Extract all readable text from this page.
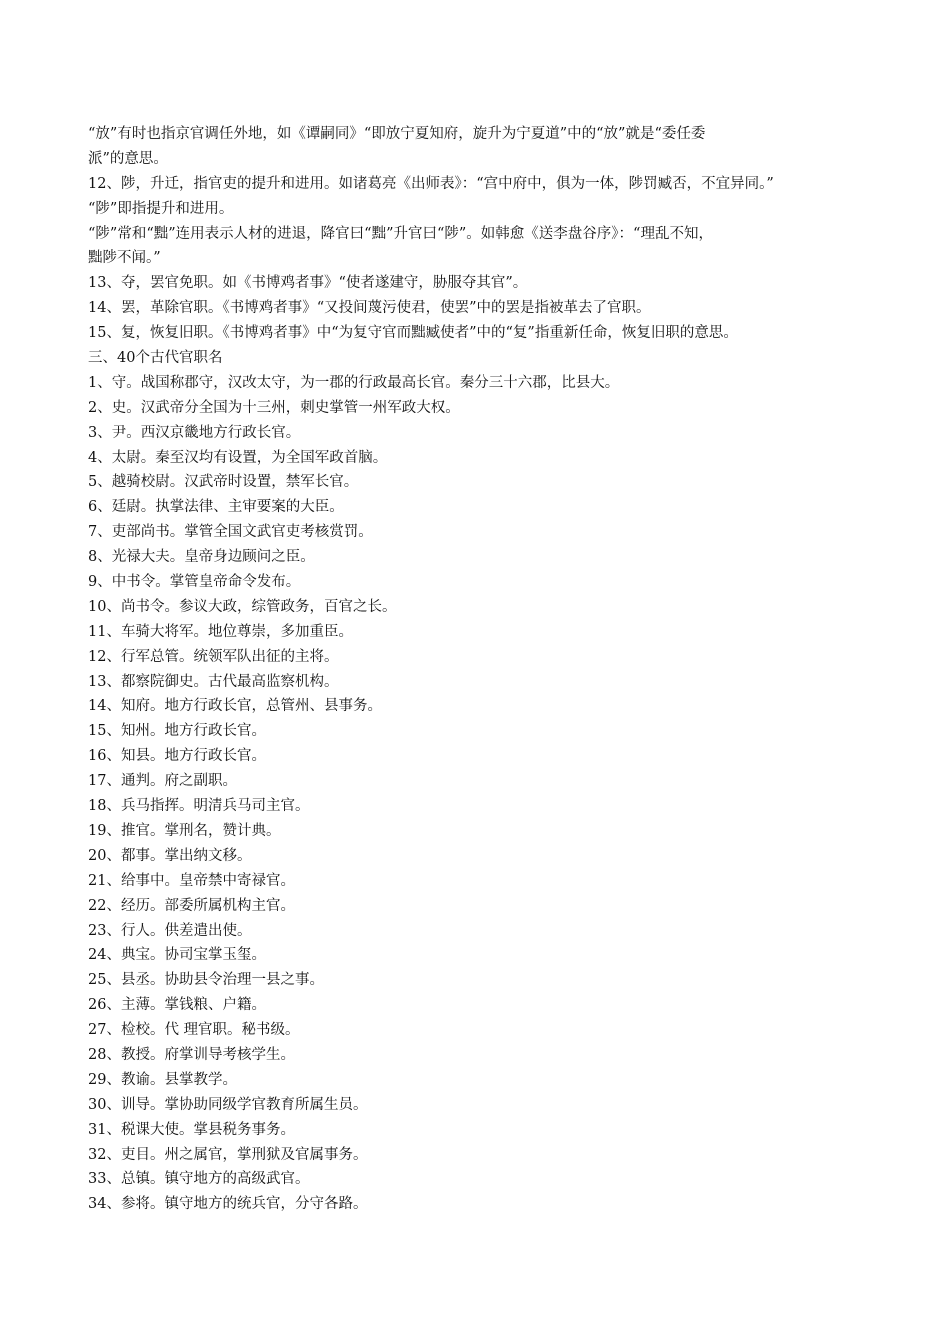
“放”有时也指京官调任外地，如《谭嗣同》“即放宁夏知府，旋升为宁夏道”中的“放”就是“委任委
派”的意思。
12、陟，升迁，指官吏的提升和进用。如诸葛亮《出师表》：“宫中府中，俱为一体，陟罚臧否，不宜异同。”
“陟”即指提升和进用。
“陟”常和“黜”连用表示人材的进退，降官曰“黜”升官曰“陟”。如韩愈《送李盘谷序》：“理乱不知，
黜陟不闻。”
13、夺，罢官免职。如《书博鸡者事》“使者遂建守，胁服夺其官”。
14、罢，革除官职。《书博鸡者事》“又投间蔑污使君，使罢”中的罢是指被革去了官职。
15、复，恢复旧职。《书博鸡者事》中“为复守官而黜臧使者”中的“复”指重新任命，恢复旧职的意思。
三、40个古代官职名
1、守。战国称郡守，汉改太守，为一郡的行政最高长官。秦分三十六郡，比县大。
2、史。汉武帝分全国为十三州，刺史掌管一州军政大权。
3、尹。西汉京畿地方行政长官。
4、太尉。秦至汉均有设置，为全国军政首脑。
5、越骑校尉。汉武帝时设置，禁军长官。
6、廷尉。执掌法律、主审要案的大臣。
7、吏部尚书。掌管全国文武官吏考核赏罚。
8、光禄大夫。皇帝身边顾问之臣。
9、中书令。掌管皇帝命令发布。
10、尚书令。参议大政，综管政务，百官之长。
11、车骑大将军。地位尊崇，多加重臣。
12、行军总管。统领军队出征的主将。
13、都察院御史。古代最高监察机构。
14、知府。地方行政长官，总管州、县事务。
15、知州。地方行政长官。
16、知县。地方行政长官。
17、通判。府之副职。
18、兵马指挥。明清兵马司主官。
19、推官。掌刑名，赞计典。
20、都事。掌出纳文移。
21、给事中。皇帝禁中寄禄官。
22、经历。部委所属机构主官。
23、行人。供差遣出使。
24、典宝。协司宝掌玉玺。
25、县丞。协助县令治理一县之事。
26、主薄。掌钱粮、户籍。
27、检校。代 理官职。秘书级。
28、教授。府掌训导考核学生。
29、教谕。县掌教学。
30、训导。掌协助同级学官教育所属生员。
31、税课大使。掌县税务事务。
32、吏目。州之属官，掌刑狱及官属事务。
33、总镇。镇守地方的高级武官。
34、参将。镇守地方的统兵官，分守各路。
